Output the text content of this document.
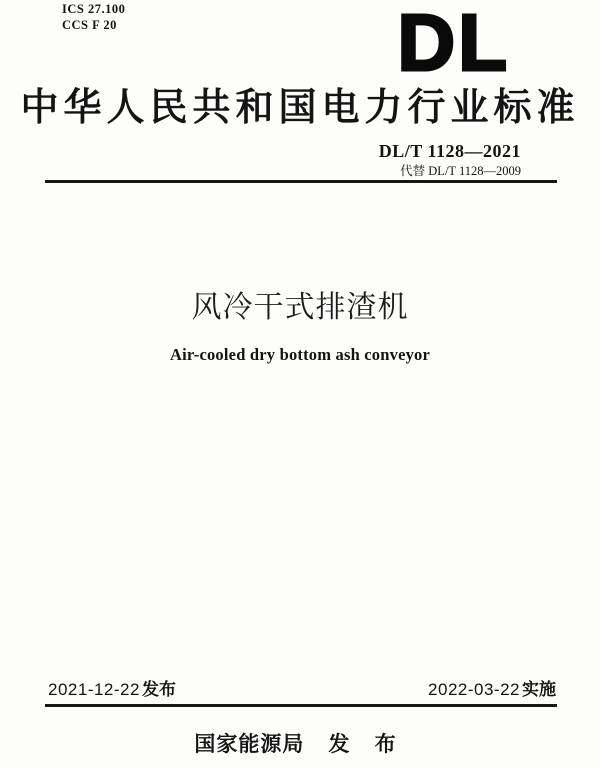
ICS 27.100
CCS F 20	DL
中华人民共和国电力行业标准
DL/T 1128—2021
代替 DL/T 1128—2009
风冷干式排渣机
Air-cooled dry bottom ash conveyor
2021-12-22 发布	2022-03-22 实施
国家能源局 发 布
